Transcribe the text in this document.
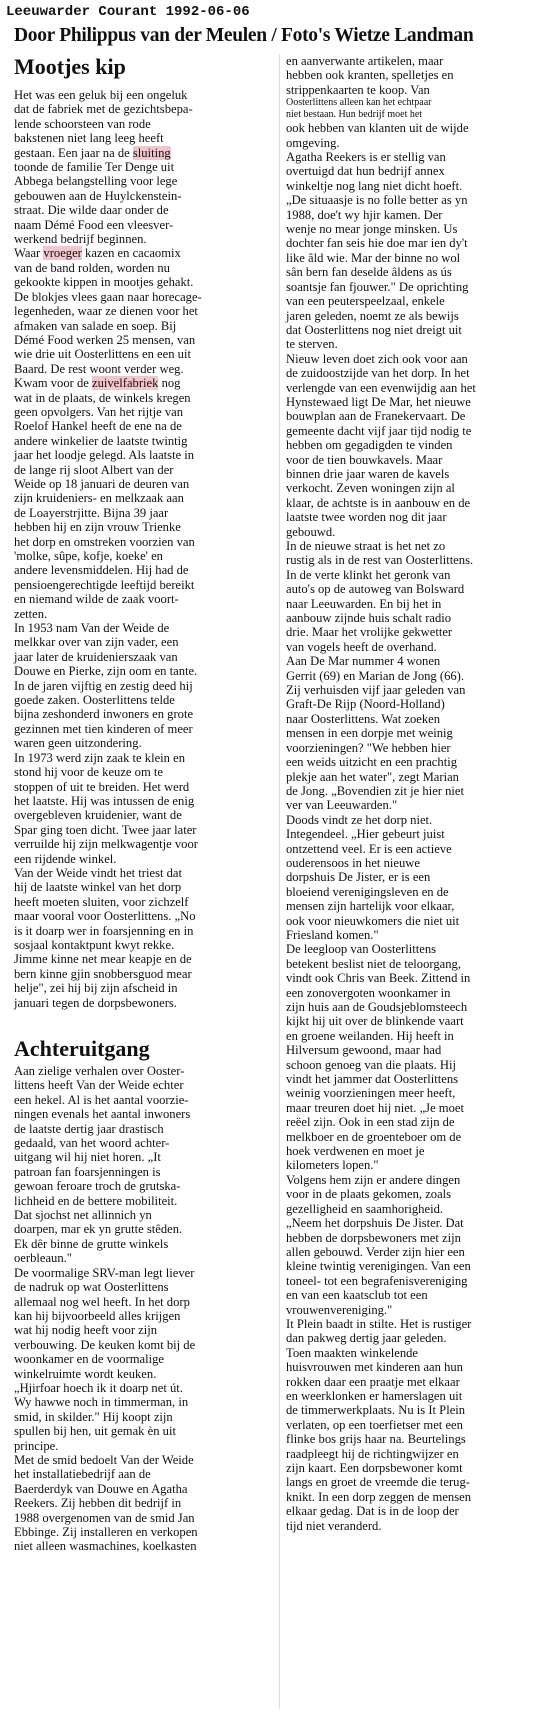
Leeuwarder Courant 1992-06-06
Door Philippus van der Meulen / Foto's Wietze Landman
Mootjes kip

Het was een geluk bij een ongeluk

dat de fabriek met de gezichtsbepa-

lende schoorsteen van rode

bakstenen niet lang leeg heeft

gestaan. Een jaar na de sluiting

toonde de familie Ter Denge uit

Abbega belangstelling voor lege

gebouwen aan de Huylckenstein-

straat. Die wilde daar onder de

naam Démé Food een vleesver-

werkend bedrijf beginnen.

Waar vroeger kazen en cacaomix

van de band rolden, worden nu

gekookte kippen in mootjes gehakt.

De blokjes vlees gaan naar horecage-

legenheden, waar ze dienen voor het

afmaken van salade en soep. Bij

Démé Food werken 25 mensen, van

wie drie uit Oosterlittens en een uit

Baard. De rest woont verder weg.

Kwam voor de zuivelfabriek nog

wat in de plaats, de winkels kregen

geen opvolgers. Van het rijtje van

Roelof Hankel heeft de ene na de

andere winkelier de laatste twintig

jaar het loodje gelegd. Als laatste in

de lange rij sloot Albert van der

Weide op 18 januari de deuren van

zijn kruideniers- en melkzaak aan

de Loayerstrjitte. Bijna 39 jaar

hebben hij en zijn vrouw Trienke

het dorp en omstreken voorzien van

'molke, sûpe, kofje, koeke' en

andere levensmiddelen. Hij had de

pensioengerechtigde leeftijd bereikt

en niemand wilde de zaak voort-

zetten.

In 1953 nam Van der Weide de

melkkar over van zijn vader, een

jaar later de kruidenierszaak van

Douwe en Pierke, zijn oom en tante.

In de jaren vijftig en zestig deed hij

goede zaken. Oosterlittens telde

bijna zeshonderd inwoners en grote

gezinnen met tien kinderen of meer

waren geen uitzondering.

In 1973 werd zijn zaak te klein en

stond hij voor de keuze om te

stoppen of uit te breiden. Het werd

het laatste. Hij was intussen de enig

overgebleven kruidenier, want de

Spar ging toen dicht. Twee jaar later

verruilde hij zijn melkwagentje voor

een rijdende winkel.

Van der Weide vindt het triest dat

hij de laatste winkel van het dorp

heeft moeten sluiten, voor zichzelf

maar vooral voor Oosterlittens. „No

is it doarp wer in foarsjenning en in

sosjaal kontaktpunt kwyt rekke.

Jimme kinne net mear keapje en de

bern kinne gjin snobbersguod mear

helje", zei hij bij zijn afscheid in

januari tegen de dorpsbewoners.

Achteruitgang

Aan zielige verhalen over Ooster-

littens heeft Van der Weide echter

een hekel. Al is het aantal voorzie-

ningen evenals het aantal inwoners

de laatste dertig jaar drastisch

gedaald, van het woord achter-

uitgang wil hij niet horen. „It

patroan fan foarsjenningen is

gewoan feroare troch de grutska-

lichheid en de bettere mobiliteit.

Dat sjochst net allinnich yn

doarpen, mar ek yn grutte stêden.

Ek dêr binne de grutte winkels

oerbleaun."

De voormalige SRV-man legt liever

de nadruk op wat Oosterlittens

allemaal nog wel heeft. In het dorp

kan hij bijvoorbeeld alles krijgen

wat hij nodig heeft voor zijn

verbouwing. De keuken komt bij de

woonkamer en de voormalige

winkelruimte wordt keuken.

„Hjirfoar hoech ik it doarp net út.

Wy hawwe noch in timmerman, in

smid, in skilder." Hij koopt zijn

spullen bij hen, uit gemak èn uit

principe.

Met de smid bedoelt Van der Weide

het installatiebedrijf aan de

Baerderdyk van Douwe en Agatha

Reekers. Zij hebben dit bedrijf in

1988 overgenomen van de smid Jan

Ebbinge. Zij installeren en verkopen

niet alleen wasmachines, koelkasten

en aanverwante artikelen, maar

hebben ook kranten, spelletjes en

strippenkaarten te koop. Van

Oosterlittens alleen kan het echtpaar

niet bestaan. Hun bedrijf moet het

ook hebben van klanten uit de wijde

omgeving.

Agatha Reekers is er stellig van

overtuigd dat hun bedrijf annex

winkeltje nog lang niet dicht hoeft.

„De situaasje is no folle better as yn

1988, doe't wy hjir kamen. Der

wenje no mear jonge minsken. Us

dochter fan seis hie doe mar ien dy't

like âld wie. Mar der binne no wol

sân bern fan deselde âldens as ús

soantsje fan fjouwer." De oprichting

van een peuterspeelzaal, enkele

jaren geleden, noemt ze als bewijs

dat Oosterlittens nog niet dreigt uit

te sterven.

Nieuw leven doet zich ook voor aan

de zuidoostzijde van het dorp. In het

verlengde van een evenwijdig aan het

Hynstewaed ligt De Mar, het nieuwe

bouwplan aan de Franekervaart. De

gemeente dacht vijf jaar tijd nodig te

hebben om gegadigden te vinden

voor de tien bouwkavels. Maar

binnen drie jaar waren de kavels

verkocht. Zeven woningen zijn al

klaar, de achtste is in aanbouw en de

laatste twee worden nog dit jaar

gebouwd.

In de nieuwe straat is het net zo

rustig als in de rest van Oosterlittens.

In de verte klinkt het geronk van

auto's op de autoweg van Bolsward

naar Leeuwarden. En bij het in

aanbouw zijnde huis schalt radio

drie. Maar het vrolijke gekwetter

van vogels heeft de overhand.

Aan De Mar nummer 4 wonen

Gerrit (69) en Marian de Jong (66).

Zij verhuisden vijf jaar geleden van

Graft-De Rijp (Noord-Holland)

naar Oosterlittens. Wat zoeken

mensen in een dorpje met weinig

voorzieningen? "We hebben hier

een weids uitzicht en een prachtig

plekje aan het water", zegt Marian

de Jong. „Bovendien zit je hier niet

ver van Leeuwarden."

Doods vindt ze het dorp niet.

Integendeel. „Hier gebeurt juist

ontzettend veel. Er is een actieve

ouderensoos in het nieuwe

dorpshuis De Jister, er is een

bloeiend verenigingsleven en de

mensen zijn hartelijk voor elkaar,

ook voor nieuwkomers die niet uit

Friesland komen."

De leegloop van Oosterlittens

betekent beslist niet de teloorgang,

vindt ook Chris van Beek. Zittend in

een zonovergoten woonkamer in

zijn huis aan de Goudsjeblomsteech

kijkt hij uit over de blinkende vaart

en groene weilanden. Hij heeft in

Hilversum gewoond, maar had

schoon genoeg van die plaats. Hij

vindt het jammer dat Oosterlittens

weinig voorzieningen meer heeft,

maar treuren doet hij niet. „Je moet

reëel zijn. Ook in een stad zijn de

melkboer en de groenteboer om de

hoek verdwenen en moet je

kilometers lopen."

Volgens hem zijn er andere dingen

voor in de plaats gekomen, zoals

gezelligheid en saamhorigheid.

„Neem het dorpshuis De Jister. Dat

hebben de dorpsbewoners met zijn

allen gebouwd. Verder zijn hier een

kleine twintig verenigingen. Van een

toneel- tot een begrafenisvereniging

en van een kaatsclub tot een

vrouwenvereniging."

It Plein baadt in stilte. Het is rustiger

dan pakweg dertig jaar geleden.

Toen maakten winkelende

huisvrouwen met kinderen aan hun

rokken daar een praatje met elkaar

en weerklonken er hamerslagen uit

de timmerwerkplaats. Nu is It Plein

verlaten, op een toerfietser met een

flinke bos grijs haar na. Beurtelings

raadpleegt hij de richtingwijzer en

zijn kaart. Een dorpsbewoner komt

langs en groet de vreemde die terug-

knikt. In een dorp zeggen de mensen

elkaar gedag. Dat is in de loop der

tijd niet veranderd.
